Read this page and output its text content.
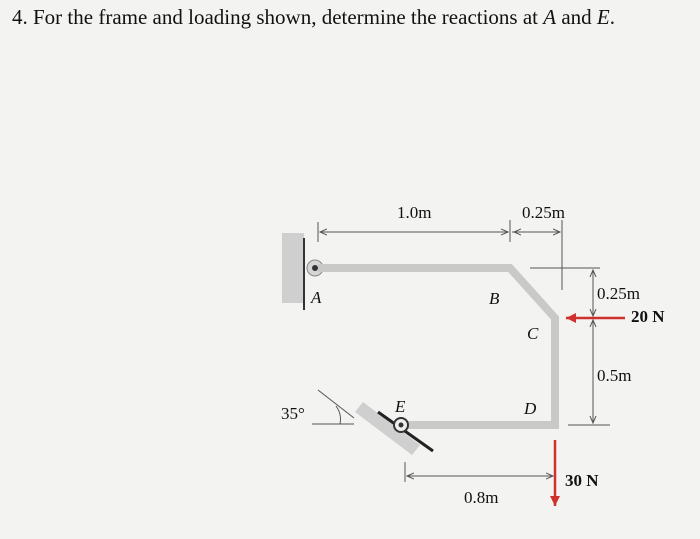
4. For the frame and loading shown, determine the reactions at A and E.
A	B
C
D
E
1.0m	0.25m
0.25m
0.5m
0.8m
35°
20 N
30 N
